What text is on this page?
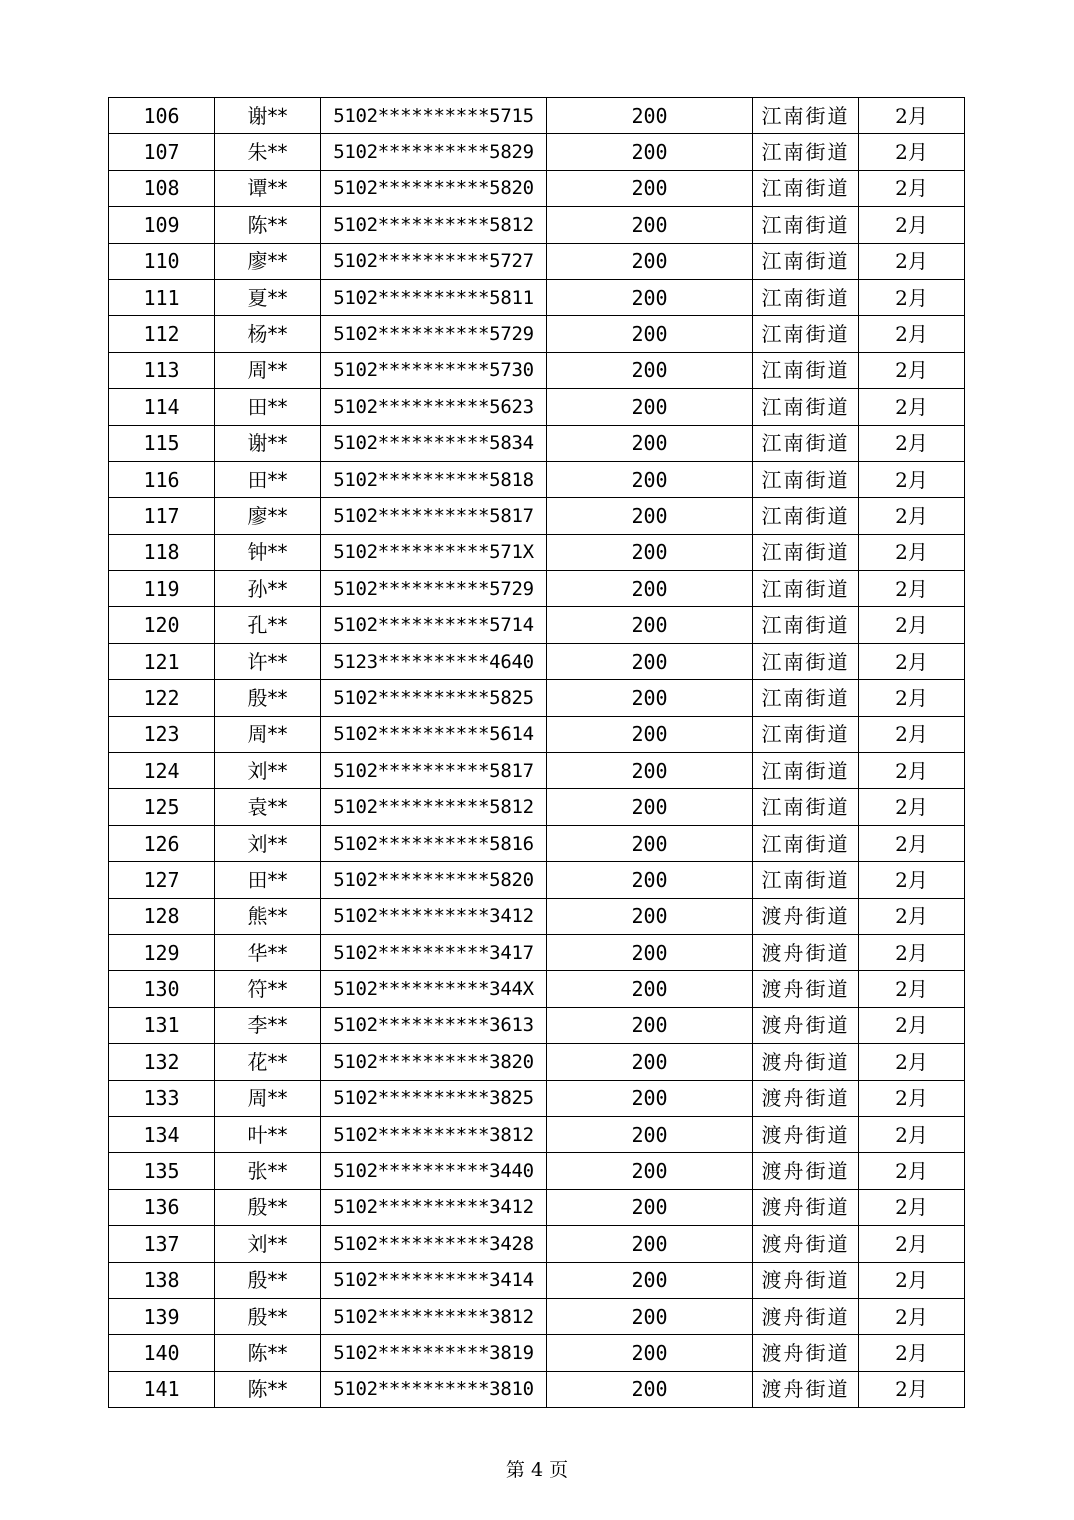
106	谢**	5102**********5715	200	江南街道	2月
107	朱**	5102**********5829	200	江南街道	2月
108	谭**	5102**********5820	200	江南街道	2月
109	陈**	5102**********5812	200	江南街道	2月
110	廖**	5102**********5727	200	江南街道	2月
111	夏**	5102**********5811	200	江南街道	2月
112	杨**	5102**********5729	200	江南街道	2月
113	周**	5102**********5730	200	江南街道	2月
114	田**	5102**********5623	200	江南街道	2月
115	谢**	5102**********5834	200	江南街道	2月
116	田**	5102**********5818	200	江南街道	2月
117	廖**	5102**********5817	200	江南街道	2月
118	钟**	5102**********571X	200	江南街道	2月
119	孙**	5102**********5729	200	江南街道	2月
120	孔**	5102**********5714	200	江南街道	2月
121	许**	5123**********4640	200	江南街道	2月
122	殷**	5102**********5825	200	江南街道	2月
123	周**	5102**********5614	200	江南街道	2月
124	刘**	5102**********5817	200	江南街道	2月
125	袁**	5102**********5812	200	江南街道	2月
126	刘**	5102**********5816	200	江南街道	2月
127	田**	5102**********5820	200	江南街道	2月
128	熊**	5102**********3412	200	渡舟街道	2月
129	华**	5102**********3417	200	渡舟街道	2月
130	符**	5102**********344X	200	渡舟街道	2月
131	李**	5102**********3613	200	渡舟街道	2月
132	花**	5102**********3820	200	渡舟街道	2月
133	周**	5102**********3825	200	渡舟街道	2月
134	叶**	5102**********3812	200	渡舟街道	2月
135	张**	5102**********3440	200	渡舟街道	2月
136	殷**	5102**********3412	200	渡舟街道	2月
137	刘**	5102**********3428	200	渡舟街道	2月
138	殷**	5102**********3414	200	渡舟街道	2月
139	殷**	5102**********3812	200	渡舟街道	2月
140	陈**	5102**********3819	200	渡舟街道	2月
141	陈**	5102**********3810	200	渡舟街道	2月
第 4 页
